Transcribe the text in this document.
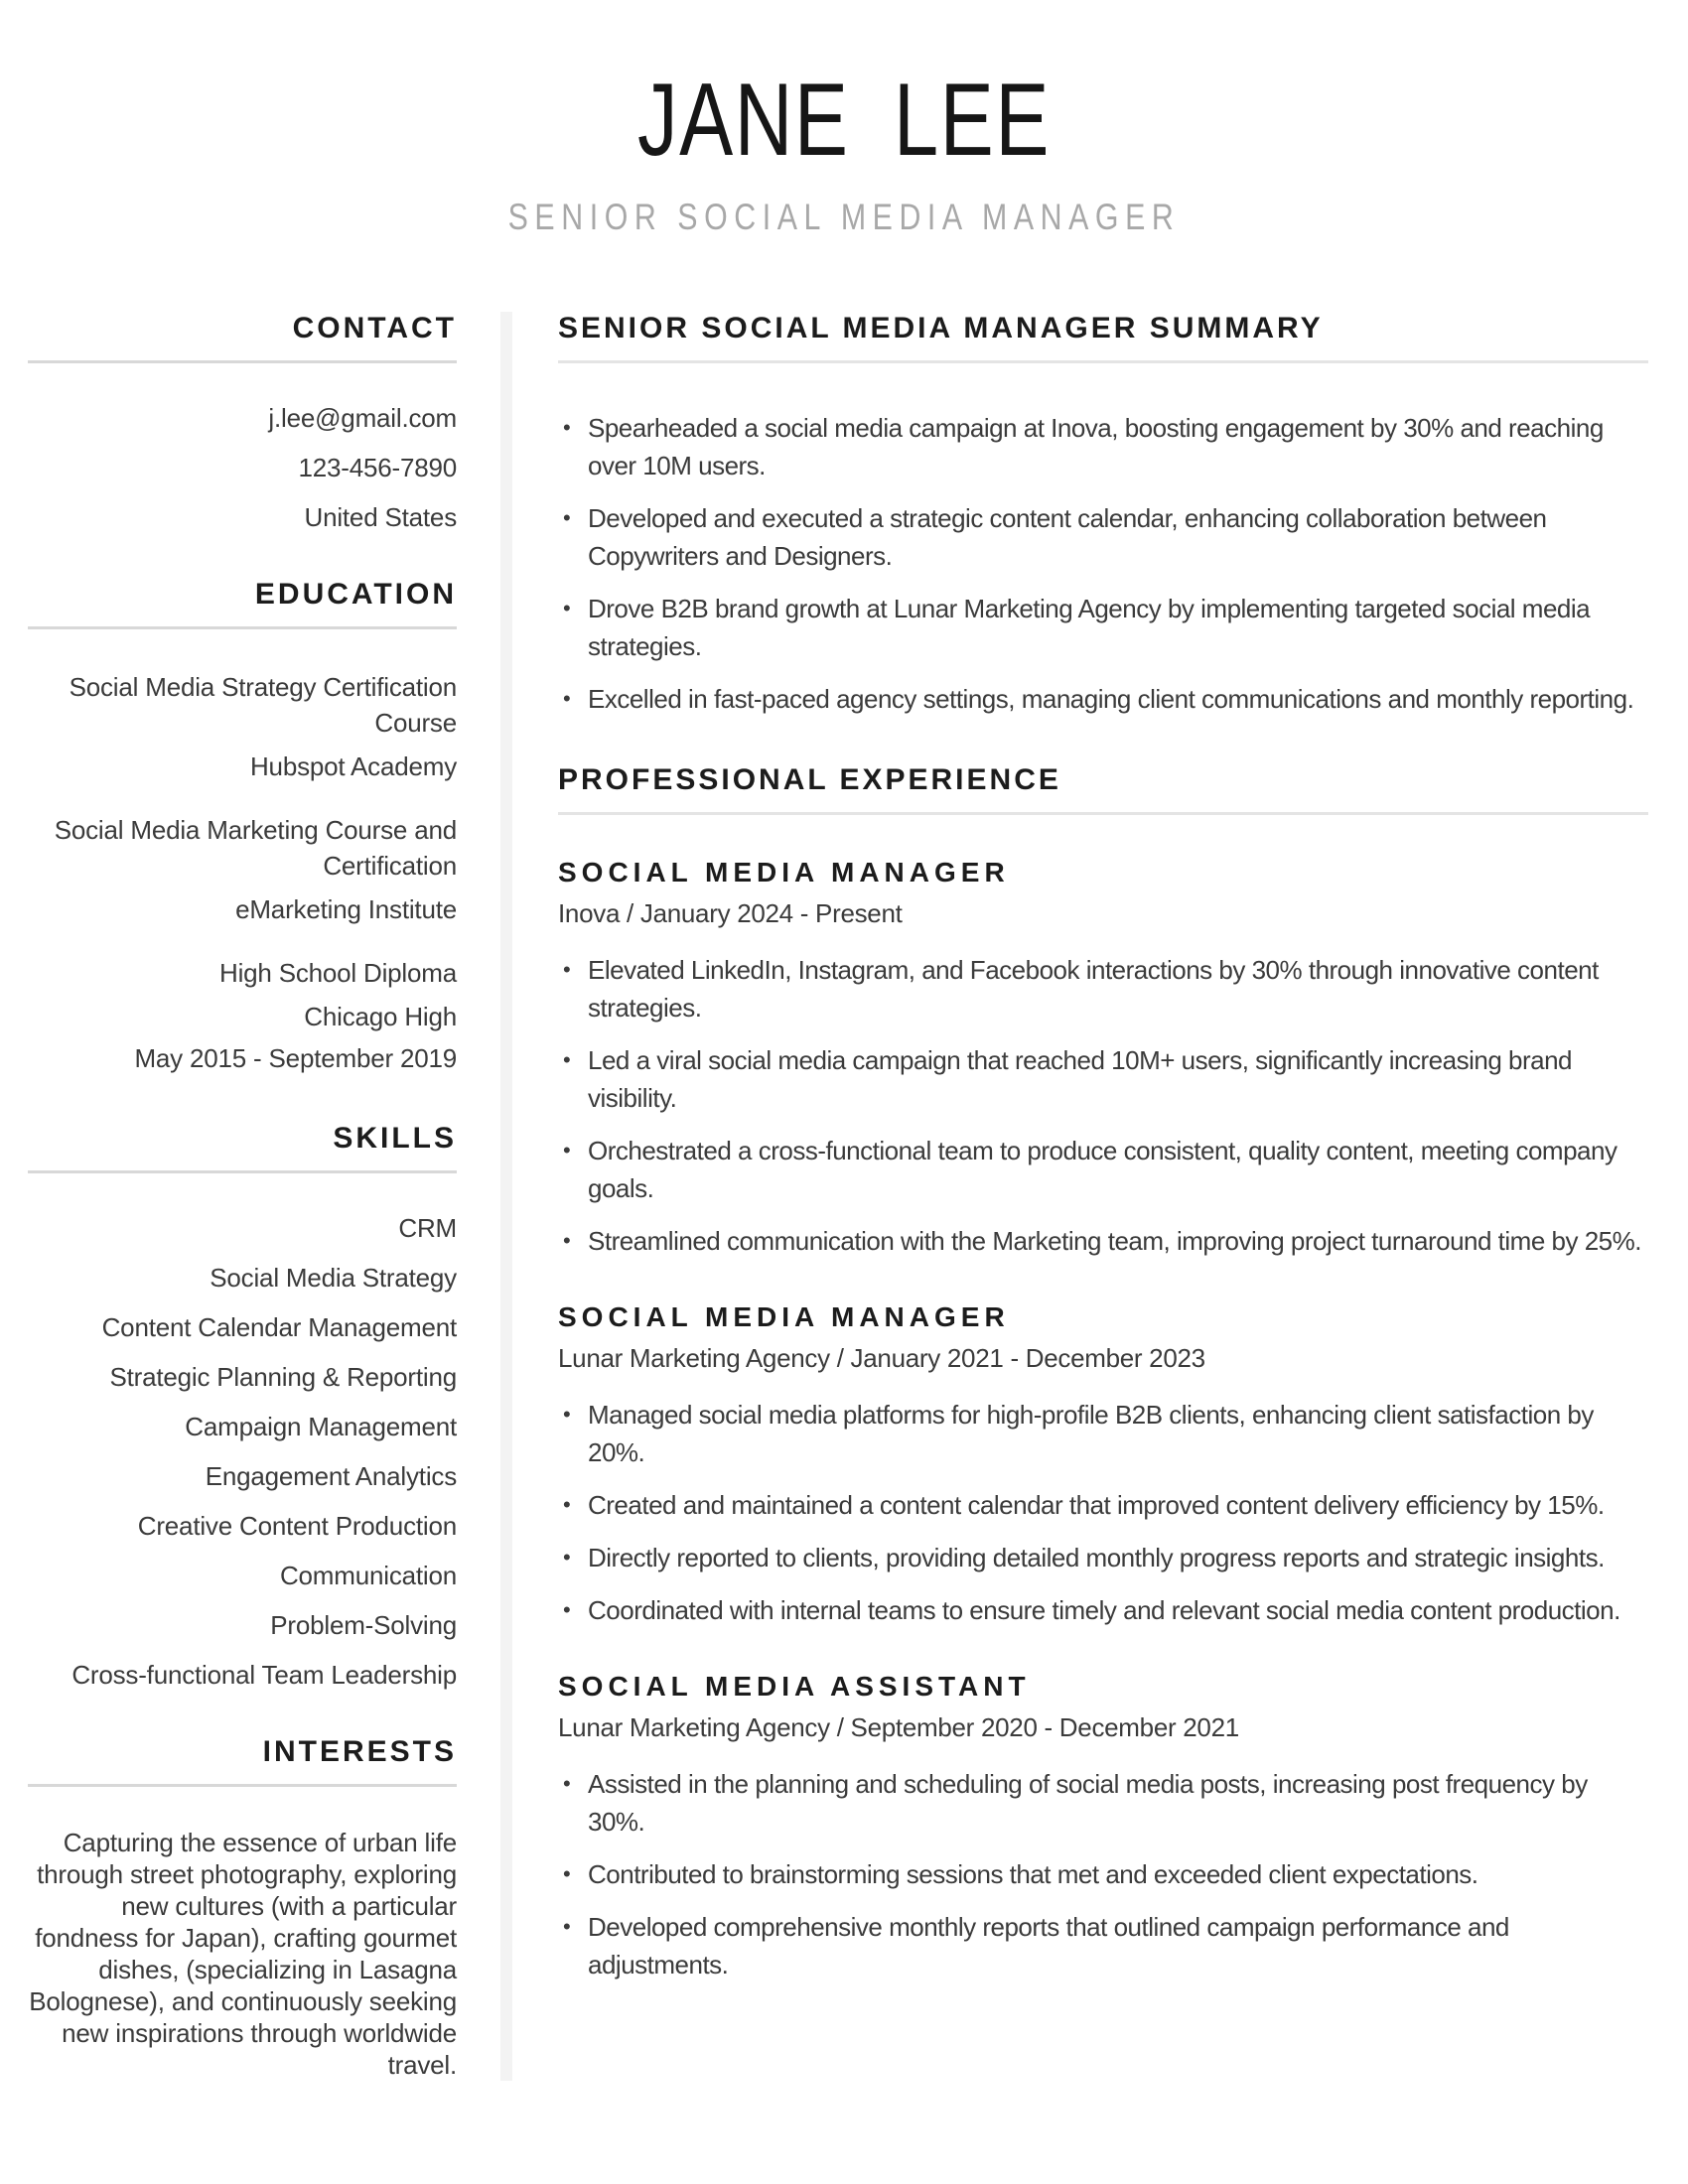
JANE LEE
SENIOR SOCIAL MEDIA MANAGER
CONTACT
j.lee@gmail.com
123-456-7890
United States
EDUCATION
Social Media Strategy Certification Course
Hubspot Academy
Social Media Marketing Course and Certification
eMarketing Institute
High School Diploma
Chicago High
May 2015 - September 2019
SKILLS
CRM
Social Media Strategy
Content Calendar Management
Strategic Planning & Reporting
Campaign Management
Engagement Analytics
Creative Content Production
Communication
Problem-Solving
Cross-functional Team Leadership
INTERESTS

Capturing the essence of urban life through street photography, exploring new cultures (with a particular fondness for Japan), crafting gourmet dishes, (specializing in Lasagna Bolognese), and continuously seeking new inspirations through worldwide travel.

SENIOR SOCIAL MEDIA MANAGER SUMMARY
• Spearheaded a social media campaign at Inova, boosting engagement by 30% and reaching over 10M users.
• Developed and executed a strategic content calendar, enhancing collaboration between Copywriters and Designers.
• Drove B2B brand growth at Lunar Marketing Agency by implementing targeted social media strategies.
• Excelled in fast-paced agency settings, managing client communications and monthly reporting.
PROFESSIONAL EXPERIENCE
SOCIAL MEDIA MANAGER
Inova / January 2024 - Present
• Elevated LinkedIn, Instagram, and Facebook interactions by 30% through innovative content strategies.
• Led a viral social media campaign that reached 10M+ users, significantly increasing brand visibility.
• Orchestrated a cross-functional team to produce consistent, quality content, meeting company goals.
• Streamlined communication with the Marketing team, improving project turnaround time by 25%.
SOCIAL MEDIA MANAGER
Lunar Marketing Agency / January 2021 - December 2023
• Managed social media platforms for high-profile B2B clients, enhancing client satisfaction by 20%.
• Created and maintained a content calendar that improved content delivery efficiency by 15%.
• Directly reported to clients, providing detailed monthly progress reports and strategic insights.
• Coordinated with internal teams to ensure timely and relevant social media content production.
SOCIAL MEDIA ASSISTANT
Lunar Marketing Agency / September 2020 - December 2021
• Assisted in the planning and scheduling of social media posts, increasing post frequency by 30%.
• Contributed to brainstorming sessions that met and exceeded client expectations.
• Developed comprehensive monthly reports that outlined campaign performance and adjustments.
